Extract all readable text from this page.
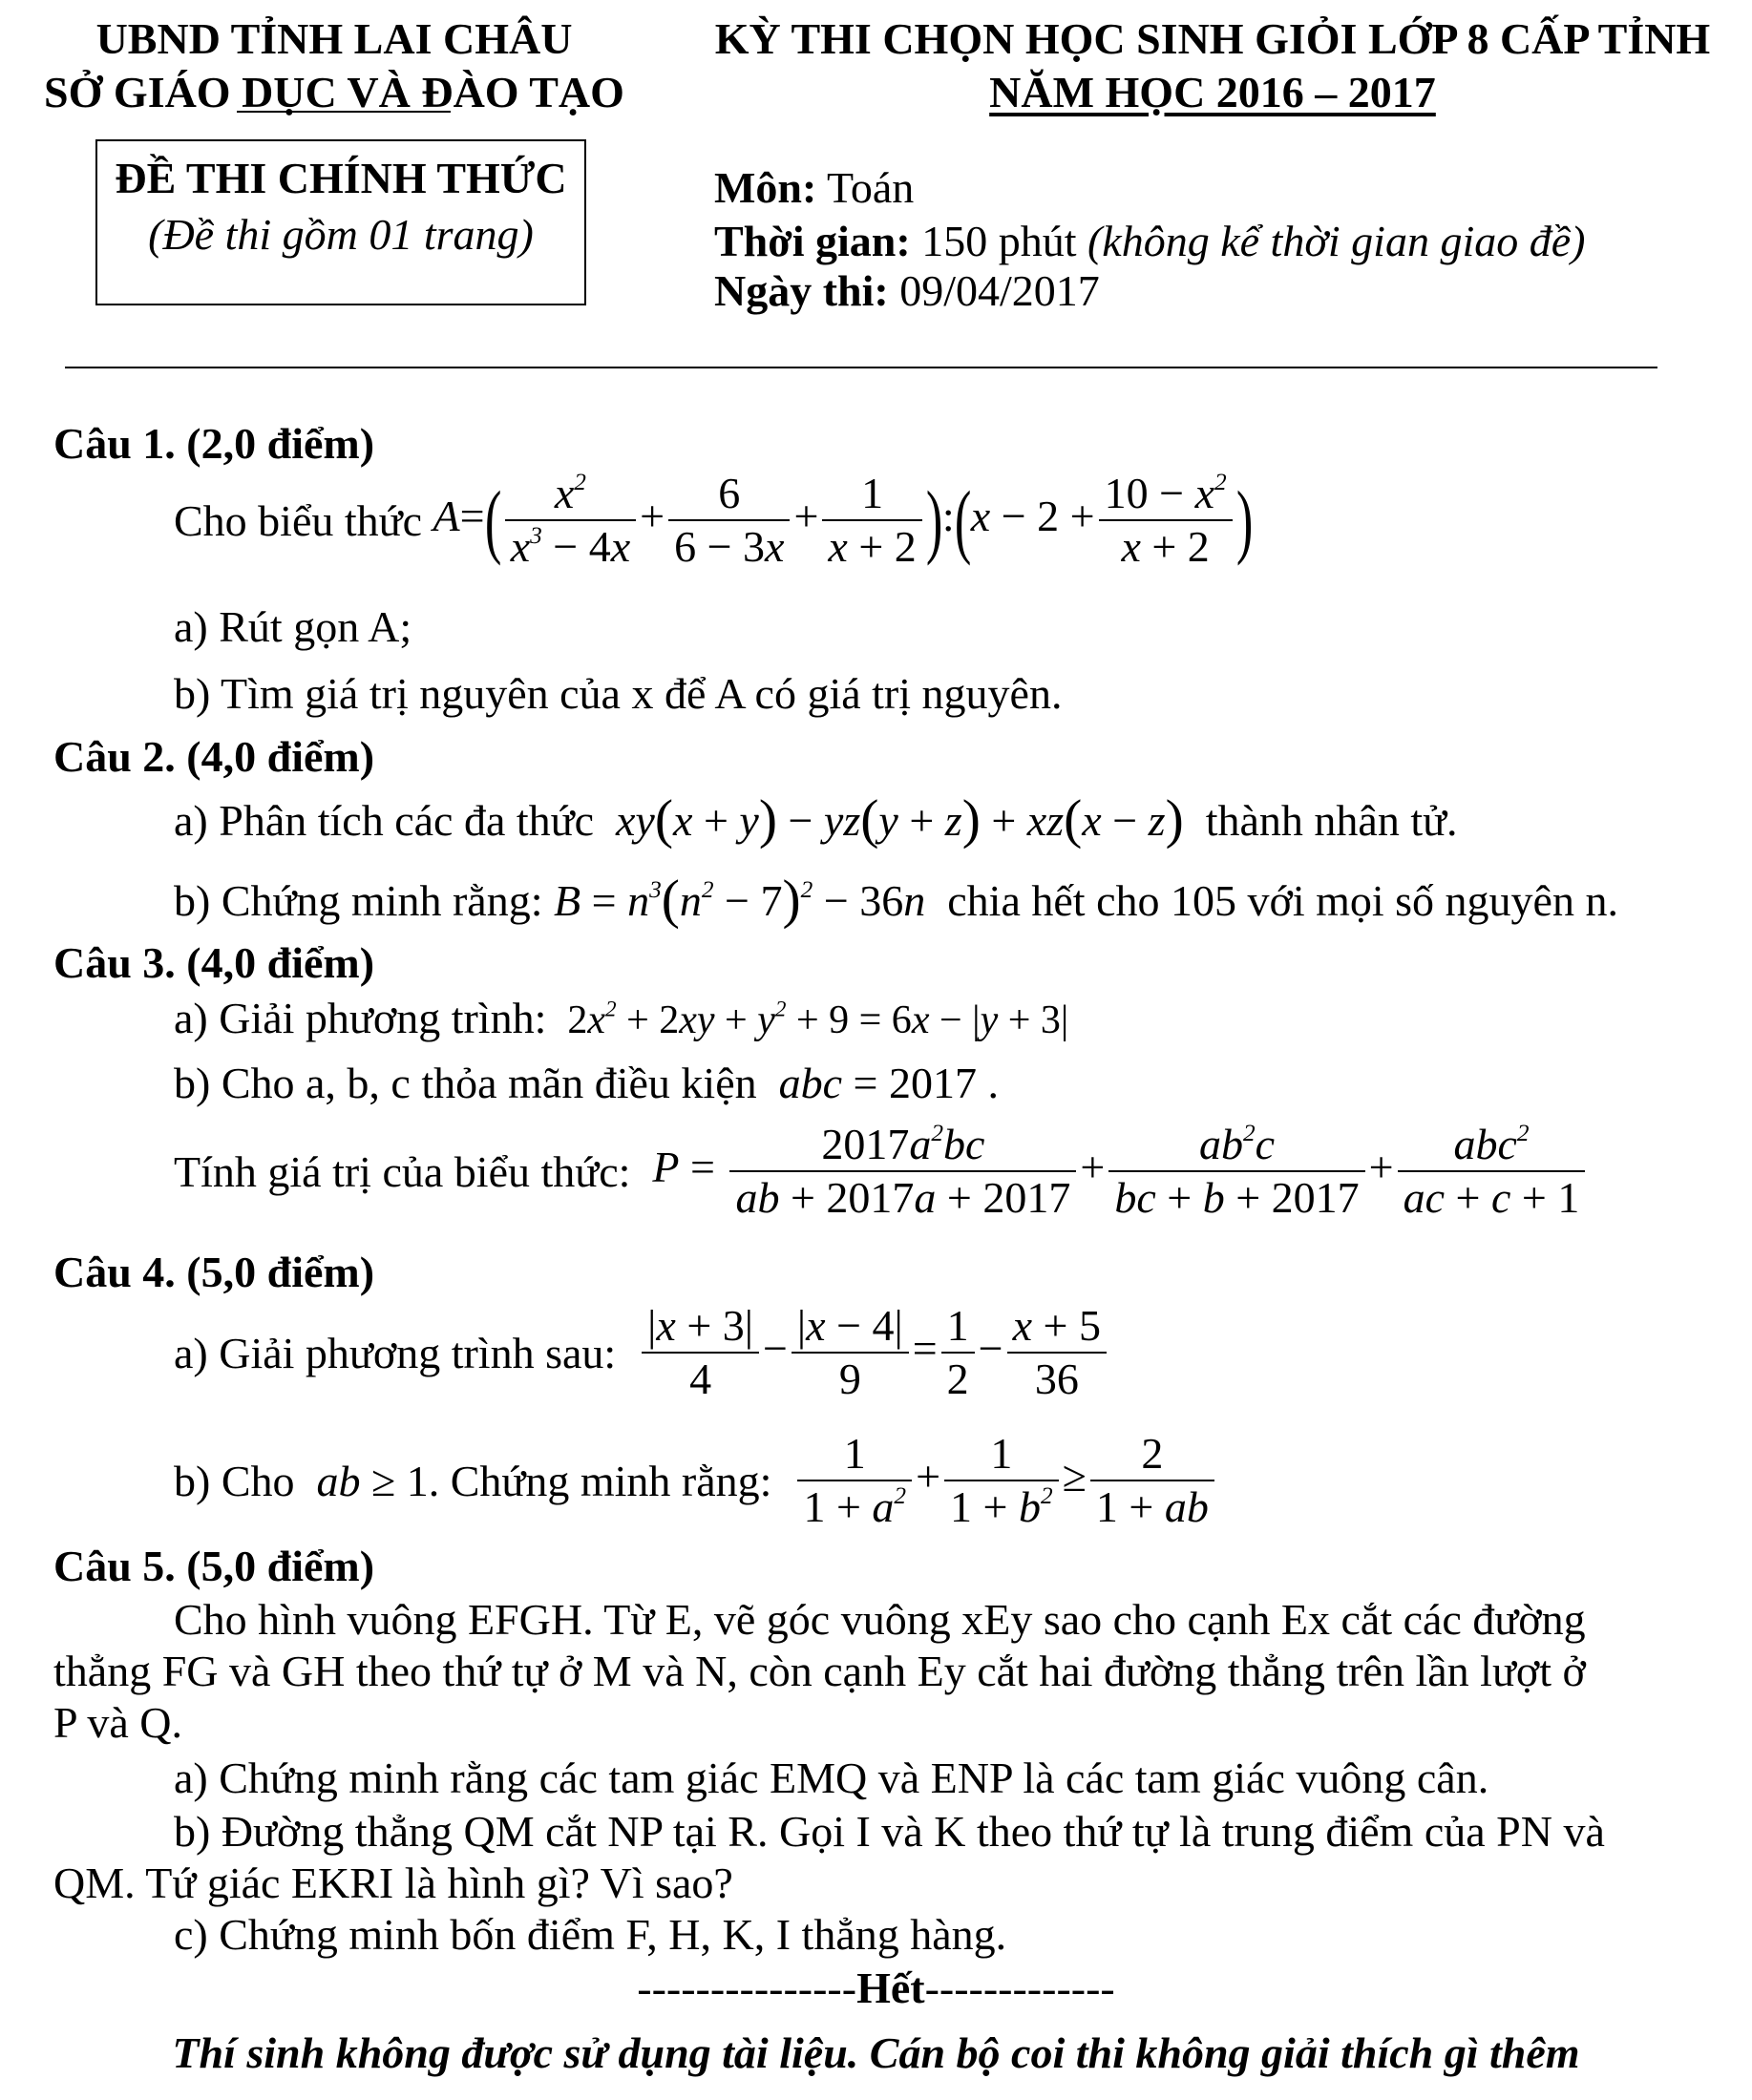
UBND TỈNH LAI CHÂU
SỞ GIÁO DỤC VÀ ĐÀO TẠO
KỲ THI CHỌN HỌC SINH GIỎI LỚP 8 CẤP TỈNH
NĂM HỌC 2016 – 2017
ĐỀ THI CHÍNH THỨC
(Đề thi gồm 01 trang)
Môn: Toán
Thời gian: 150 phút (không kể thời gian giao đề)
Ngày thi: 09/04/2017
Câu 1. (2,0 điểm)
Cho biểu thức $A=( \frac{x^2}{x^3 - 4x} + \frac{6}{6 - 3x} + \frac{1}{x + 2}$ ):(x − $2 + \frac{10 - x^2}{x + 2}$ )
a) Rút gọn A;
b) Tìm giá trị nguyên của x để A có giá trị nguyên.
Câu 2. (4,0 điểm)
a) Phân tích các đa thức  xy(x + y) − yz(y + z) + xz(x − z) thành nhân tử.
b) Chứng minh rằng: $B = n^3(n^2 - 7)^2 - 36n$  chia hết cho 105 với mọi số nguyên n.
Câu 3. (4,0 điểm)
a) Giải phương trình: $2x^2 + 2xy + y^2 + 9 = 6x - |y + 3|$
b) Cho a, b, c thỏa mãn điều kiện  abc = 2017 .
Tính giá trị của biểu thức:  $P = \frac{2017a^2bc}{ab + 2017a + 2017} + \frac{ab^2c}{bc + b + 2017} + \frac{abc^2}{ac + c + 1}$
Câu 4. (5,0 điểm)
a) Giải phương trình sau: $\frac{|x + 3|}{4} - \frac{|x - 4|}{9} = \frac{1}{2} - \frac{x + 5}{36}$
b) Cho  ab ≥ 1. Chứng minh rằng: $\frac{1}{1 + a^2} + \frac{1}{1 + b^2} \ge \frac{2}{1 + ab}$
Câu 5. (5,0 điểm)
Cho hình vuông EFGH. Từ E, vẽ góc vuông xEy sao cho cạnh Ex cắt các đường
thẳng FG và GH theo thứ tự ở M và N, còn cạnh Ey cắt hai đường thẳng trên lần lượt ở
P và Q.
a) Chứng minh rằng các tam giác EMQ và ENP là các tam giác vuông cân.
b) Đường thẳng QM cắt NP tại R. Gọi I và K theo thứ tự là trung điểm của PN và
QM. Tứ giác EKRI là hình gì? Vì sao?
c) Chứng minh bốn điểm F, H, K, I thẳng hàng.
---------------Hết-------------
Thí sinh không được sử dụng tài liệu. Cán bộ coi thi không giải thích gì thêm
